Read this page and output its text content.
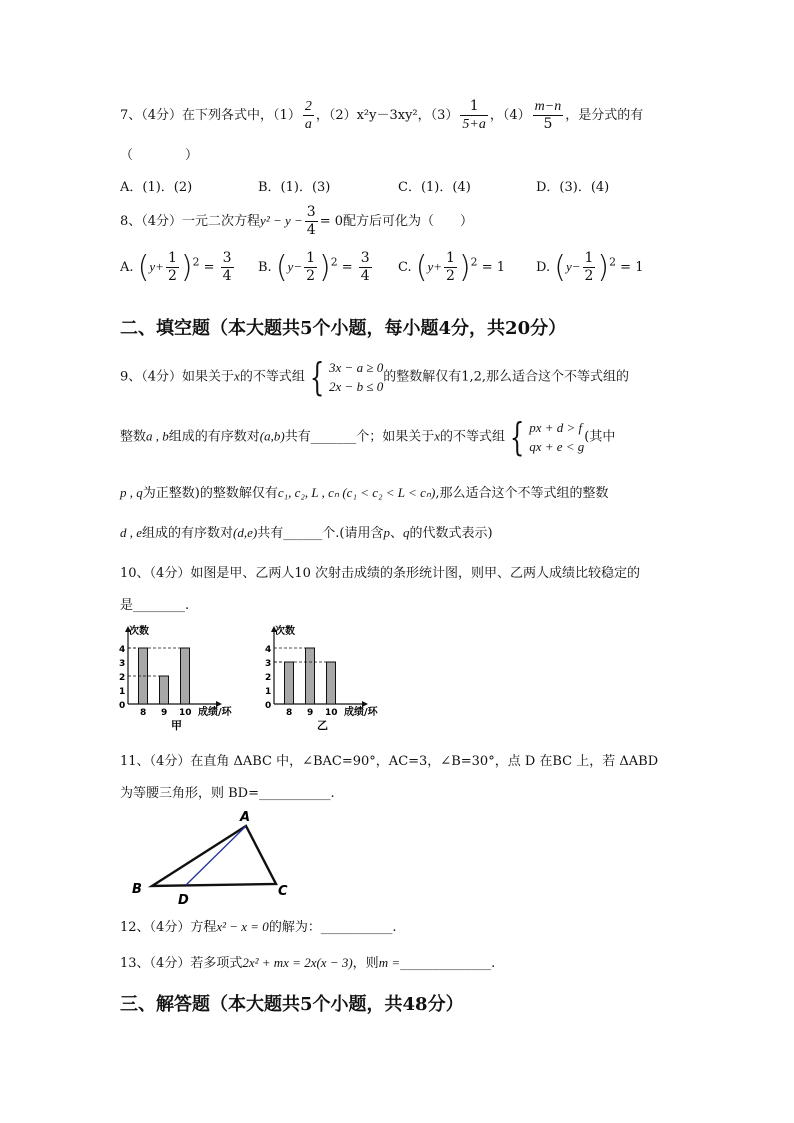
7、（4分）在下列各式中，$(1) \frac{2}{a}$ ，（2）x²y－3xy²，$(3) \frac{1}{5+a}$ ，$(4) \frac{m-n}{5}$ ，是分式的有
（　　　　）
A．(1)．(2)	B．(1)．(3)	C．(1)．(4)	D．(3)．(4)
8、（4分）一元二次方程$y^2 - y - \frac{3}{4} = 0$配方后可化为（　　）
A. $(y+ \frac{1}{2} )^2 = \frac{3}{4} B$. $(y- \frac{1}{2} )^2 = \frac{3}{4} C$. $(y+ \frac{1}{2} )^2 = 1$ D. $(y- \frac{1}{2} )^2 = 1$
二、填空题（本大题共5个小题，每小题4分，共20分）
9、（4分）如果关于x的不等式组 { 3x − a ≥ 0
2x − b ≤ 0
的整数解仅有1,2,那么适合这个不等式组的
整数a , b组成的有序数对(a,b)共有_______个；如果关于x的不等式组 { px + d > f
qx + e < g
(其中
p , q为正整数)的整数解仅有c₁, c₂, L , cₙ (c₁ < c₂ < L < cₙ),那么适合这个不等式组的整数
d , e组成的有序数对(d,e)共有______个.(请用含p、q的代数式表示)
10、（4分）如图是甲、乙两人10 次射击成绩的条形统计图，则甲、乙两人成绩比较稳定的
是________.
次数
0
1
2
3
4
8 9 10 成绩/环
甲
次数
0
1
2
3
4
8 9 10 成绩/环
乙
11、（4分）在直角 ΔABC 中，∠BAC=90°，AC=3，∠B=30°，点 D 在BC 上，若 ΔABD
为等腰三角形，则 BD=___________.
A
B	C
D
12、（4分）方程x² − x = 0的解为：___________.
13、（4分）若多项式2x² + mx = 2x(x − 3)，则m =______________.
三、解答题（本大题共5个小题，共48分）
